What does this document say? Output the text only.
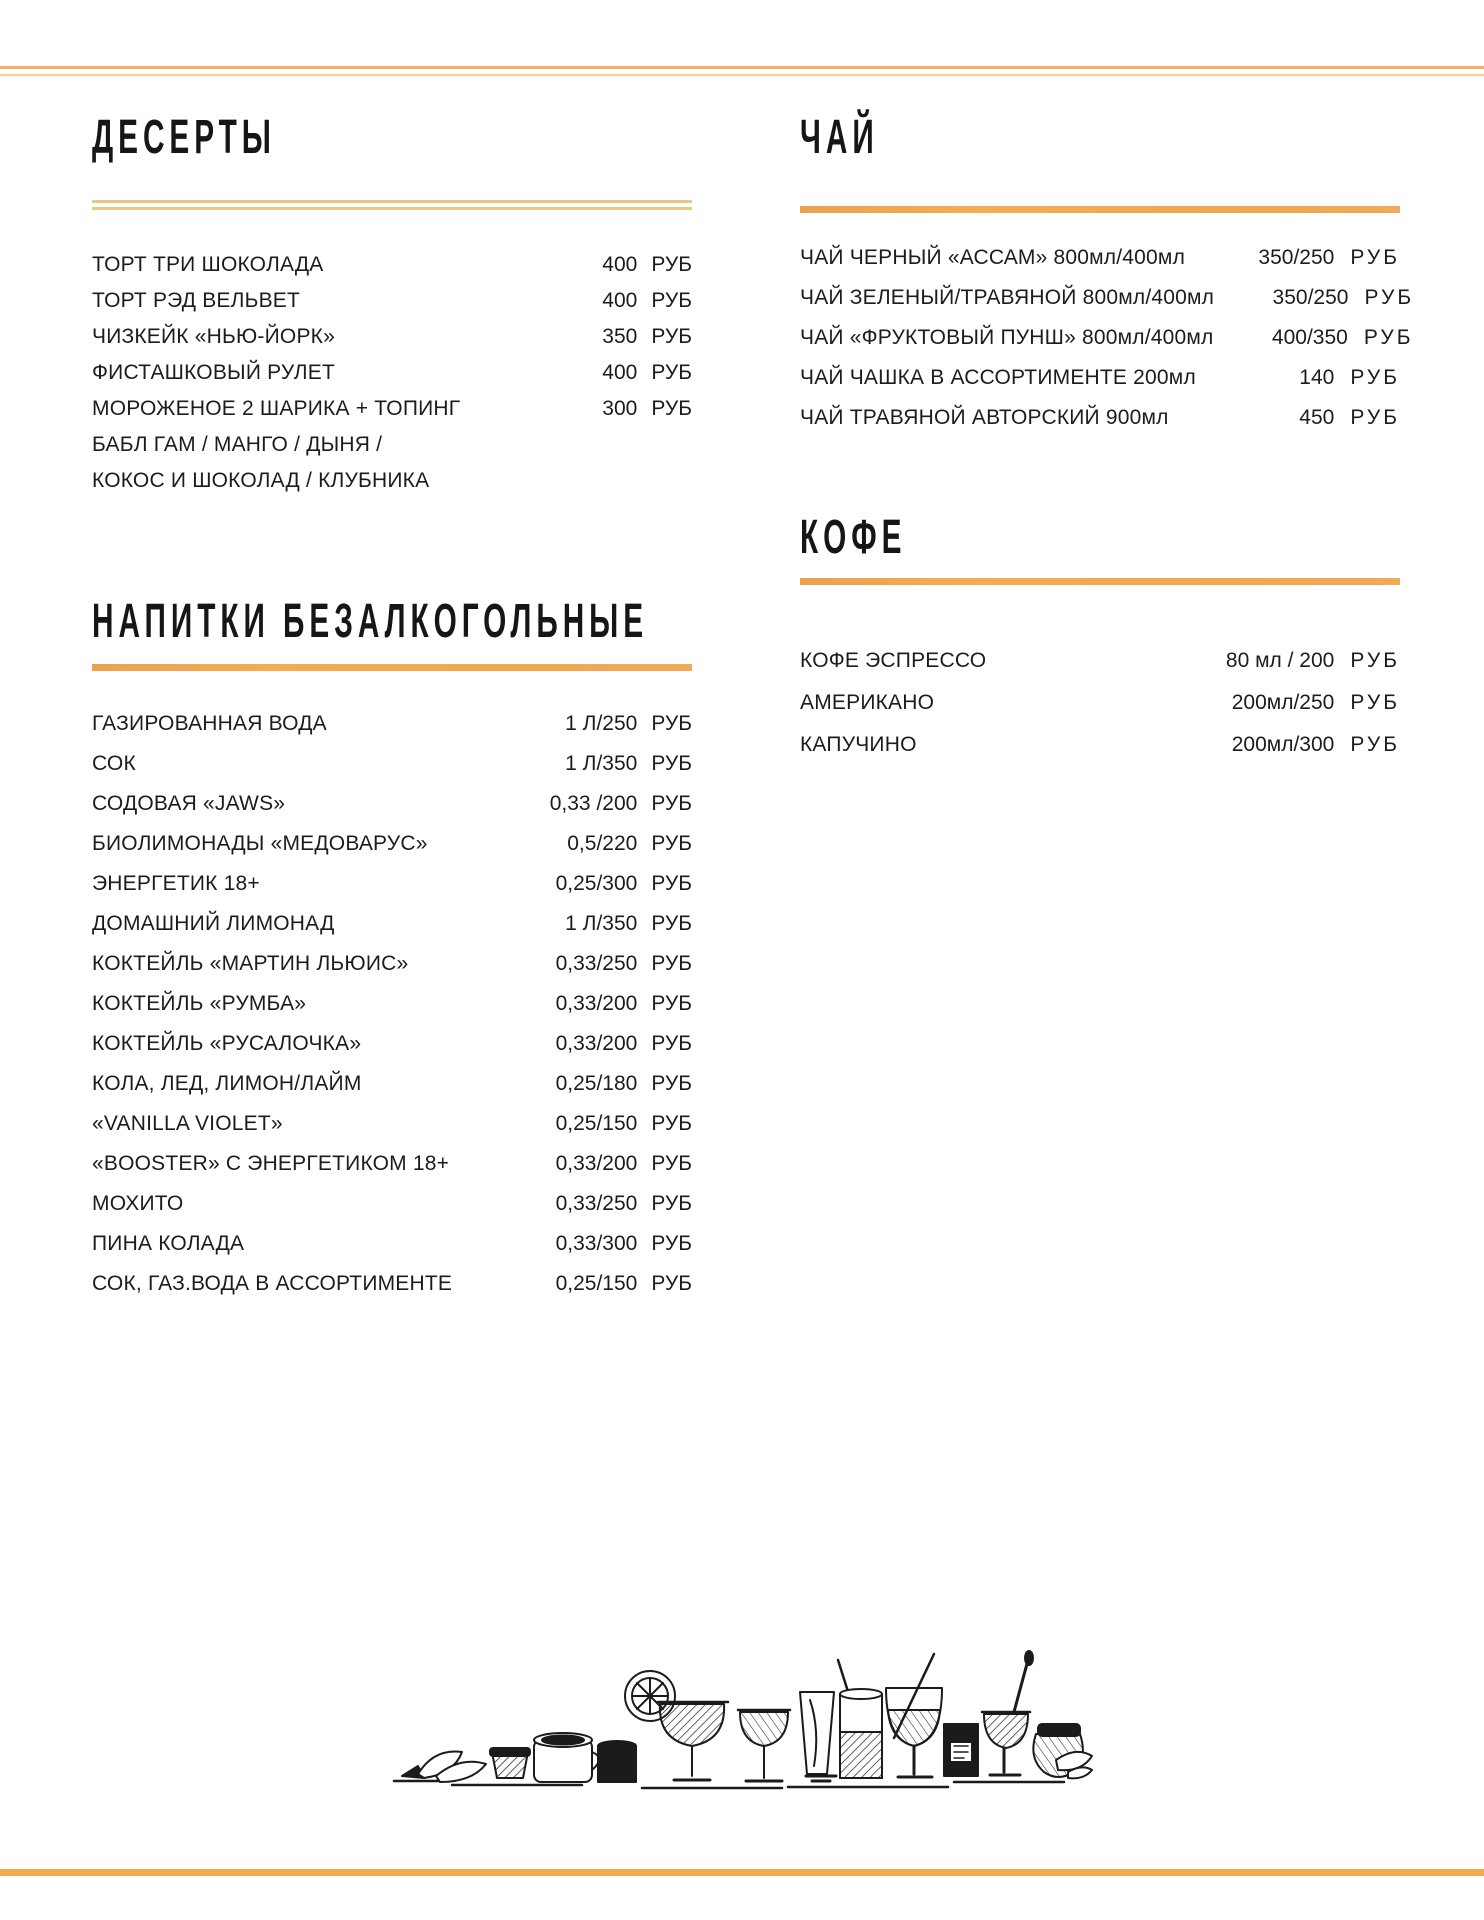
ДЕСЕРТЫ
ТОРТ ТРИ ШОКОЛАДА	400 РУБ
ТОРТ РЭД ВЕЛЬВЕТ	400 РУБ
ЧИЗКЕЙК «НЬЮ-ЙОРК»	350 РУБ
ФИСТАШКОВЫЙ РУЛЕТ	400 РУБ
МОРОЖЕНОЕ 2 ШАРИКА + ТОПИНГ	300 РУБ
БАБЛ ГАМ / МАНГО / ДЫНЯ /
КОКОС И ШОКОЛАД / КЛУБНИКА
ЧАЙ
ЧАЙ ЧЕРНЫЙ «АССАМ» 800мл/400мл	350/250 РУБ
ЧАЙ ЗЕЛЕНЫЙ/ТРАВЯНОЙ 800мл/400мл	350/250 РУБ
ЧАЙ «ФРУКТОВЫЙ ПУНШ» 800мл/400мл	400/350 РУБ
ЧАЙ ЧАШКА В АССОРТИМЕНТЕ 200мл	140 РУБ
ЧАЙ ТРАВЯНОЙ АВТОРСКИЙ 900мл	450 РУБ
КОФЕ
КОФЕ ЭСПРЕССО	80 мл / 200 РУБ
АМЕРИКАНО	200мл/250 РУБ
КАПУЧИНО	200мл/300 РУБ
НАПИТКИ БЕЗАЛКОГОЛЬНЫЕ
ГАЗИРОВАННАЯ ВОДА	1 Л/250 РУБ
СОК	1 Л/350 РУБ
СОДОВАЯ «JAWS»	0,33 /200 РУБ
БИОЛИМОНАДЫ «МЕДОВАРУС»	0,5/220 РУБ
ЭНЕРГЕТИК 18+	0,25/300 РУБ
ДОМАШНИЙ ЛИМОНАД	1 Л/350 РУБ
КОКТЕЙЛЬ «МАРТИН ЛЬЮИС»	0,33/250 РУБ
КОКТЕЙЛЬ «РУМБА»	0,33/200 РУБ
КОКТЕЙЛЬ «РУСАЛОЧКА»	0,33/200 РУБ
КОЛА, ЛЕД, ЛИМОН/ЛАЙМ	0,25/180 РУБ
«VANILLA VIOLET»	0,25/150 РУБ
«BOOSTER» С ЭНЕРГЕТИКОМ 18+	0,33/200 РУБ
МОХИТО	0,33/250 РУБ
ПИНА КОЛАДА	0,33/300 РУБ
СОК, ГАЗ.ВОДА В АССОРТИМЕНТЕ	0,25/150 РУБ
